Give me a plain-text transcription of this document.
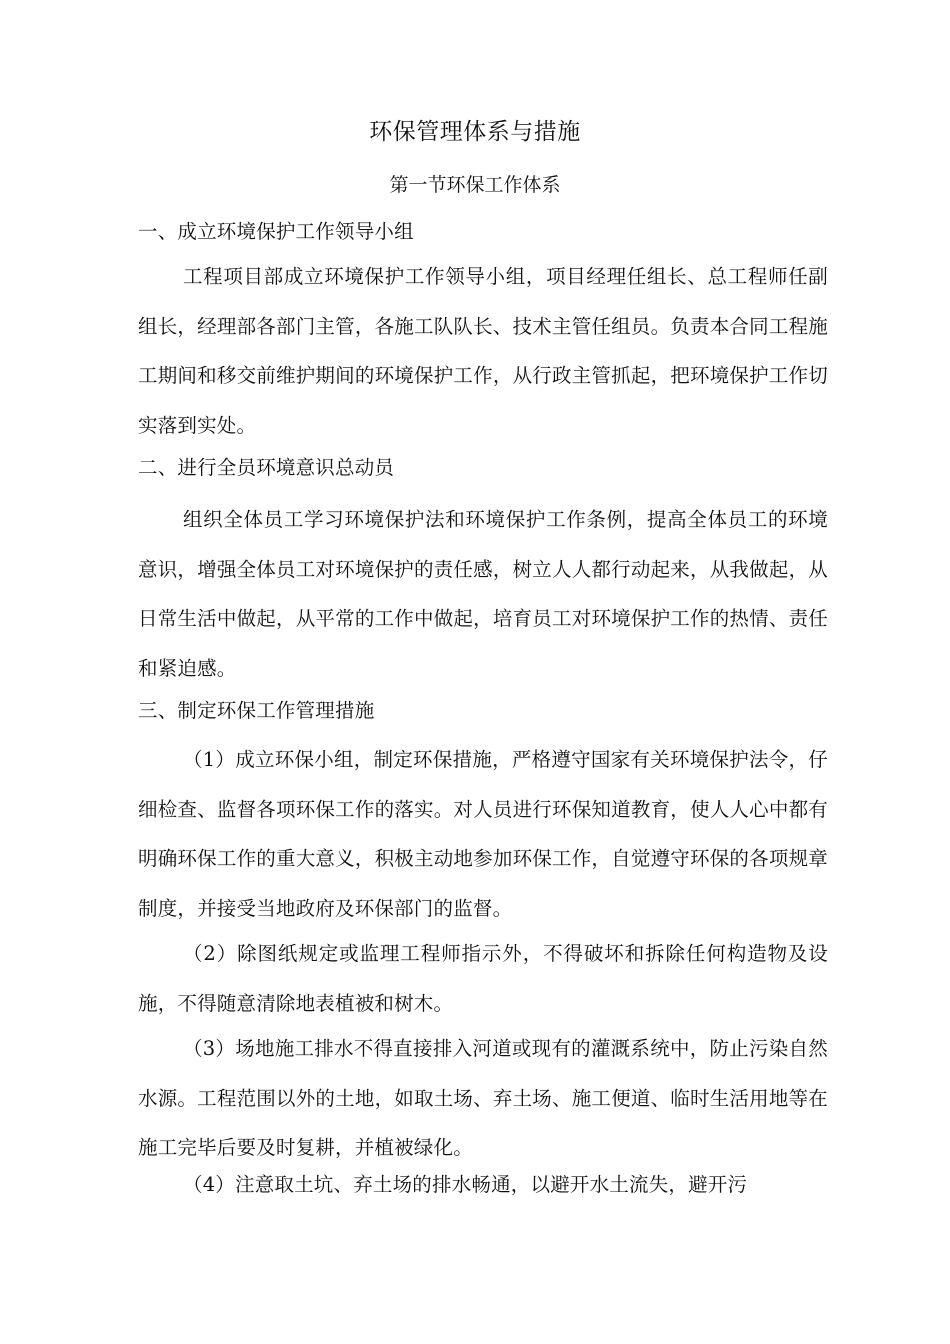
环保管理体系与措施
第一节环保工作体系
一、成立环境保护工作领导小组
工程项目部成立环境保护工作领导小组，项目经理任组长、总工程师任副组长，经理部各部门主管，各施工队队长、技术主管任组员。负责本合同工程施工期间和移交前维护期间的环境保护工作，从行政主管抓起，把环境保护工作切实落到实处。
二、进行全员环境意识总动员
组织全体员工学习环境保护法和环境保护工作条例，提高全体员工的环境意识，增强全体员工对环境保护的责任感，树立人人都行动起来，从我做起，从日常生活中做起，从平常的工作中做起，培育员工对环境保护工作的热情、责任和紧迫感。
三、制定环保工作管理措施
（1）成立环保小组，制定环保措施，严格遵守国家有关环境保护法令，仔细检查、监督各项环保工作的落实。对人员进行环保知道教育，使人人心中都有明确环保工作的重大意义，积极主动地参加环保工作，自觉遵守环保的各项规章制度，并接受当地政府及环保部门的监督。
（2）除图纸规定或监理工程师指示外，不得破坏和拆除任何构造物及设施，不得随意清除地表植被和树木。
（3）场地施工排水不得直接排入河道或现有的灌溉系统中，防止污染自然水源。工程范围以外的土地，如取土场、弃土场、施工便道、临时生活用地等在施工完毕后要及时复耕，并植被绿化。
（4）注意取土坑、弃土场的排水畅通，以避开水土流失，避开污
